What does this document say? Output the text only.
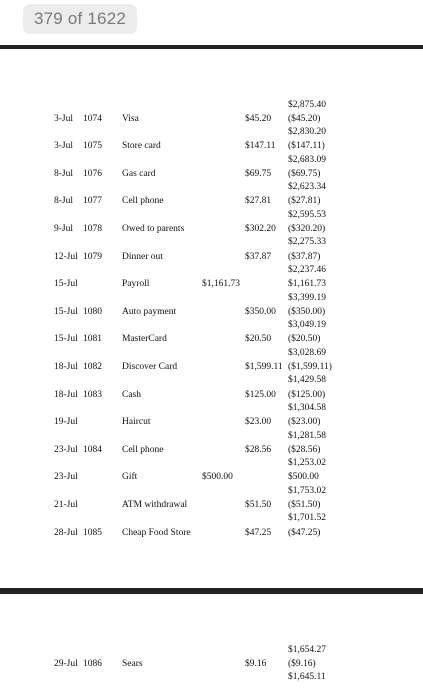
379 of 1622
$2,875.40
3-Jul 1074 Visa	$45.20 ($45.20)
$2,830.20
3-Jul 1075 Store card	$147.11 ($147.11)
$2,683.09
8-Jul 1076 Gas card	$69.75 ($69.75)
$2,623.34
8-Jul 1077 Cell phone	$27.81 ($27.81)
$2,595.53
9-Jul 1078 Owed to parents	$302.20 ($320.20)
$2,275.33
12-Jul 1079 Dinner out	$37.87 ($37.87)
$2,237.46
15-Jul	Payroll	$1,161.73	$1,161.73
$3,399.19
15-Jul 1080 Auto payment	$350.00 ($350.00)
$3,049.19
15-Jul 1081 MasterCard	$20.50 ($20.50)
$3,028.69
18-Jul 1082 Discover Card	$1,599.11 ($1,599.11)
$1,429.58
18-Jul 1083 Cash	$125.00 ($125.00)
$1,304.58
19-Jul	Haircut	$23.00 ($23.00)
$1,281.58
23-Jul 1084 Cell phone	$28.56 ($28.56)
$1,253.02
23-Jul	Gift	$500.00	$500.00
$1,753.02
21-Jul	ATM withdrawal	$51.50 ($51.50)
$1,701.52
28-Jul 1085 Cheap Food Store	$47.25 ($47.25)
$1,654.27
29-Jul 1086 Sears	$9.16 ($9.16)
$1,645.11
